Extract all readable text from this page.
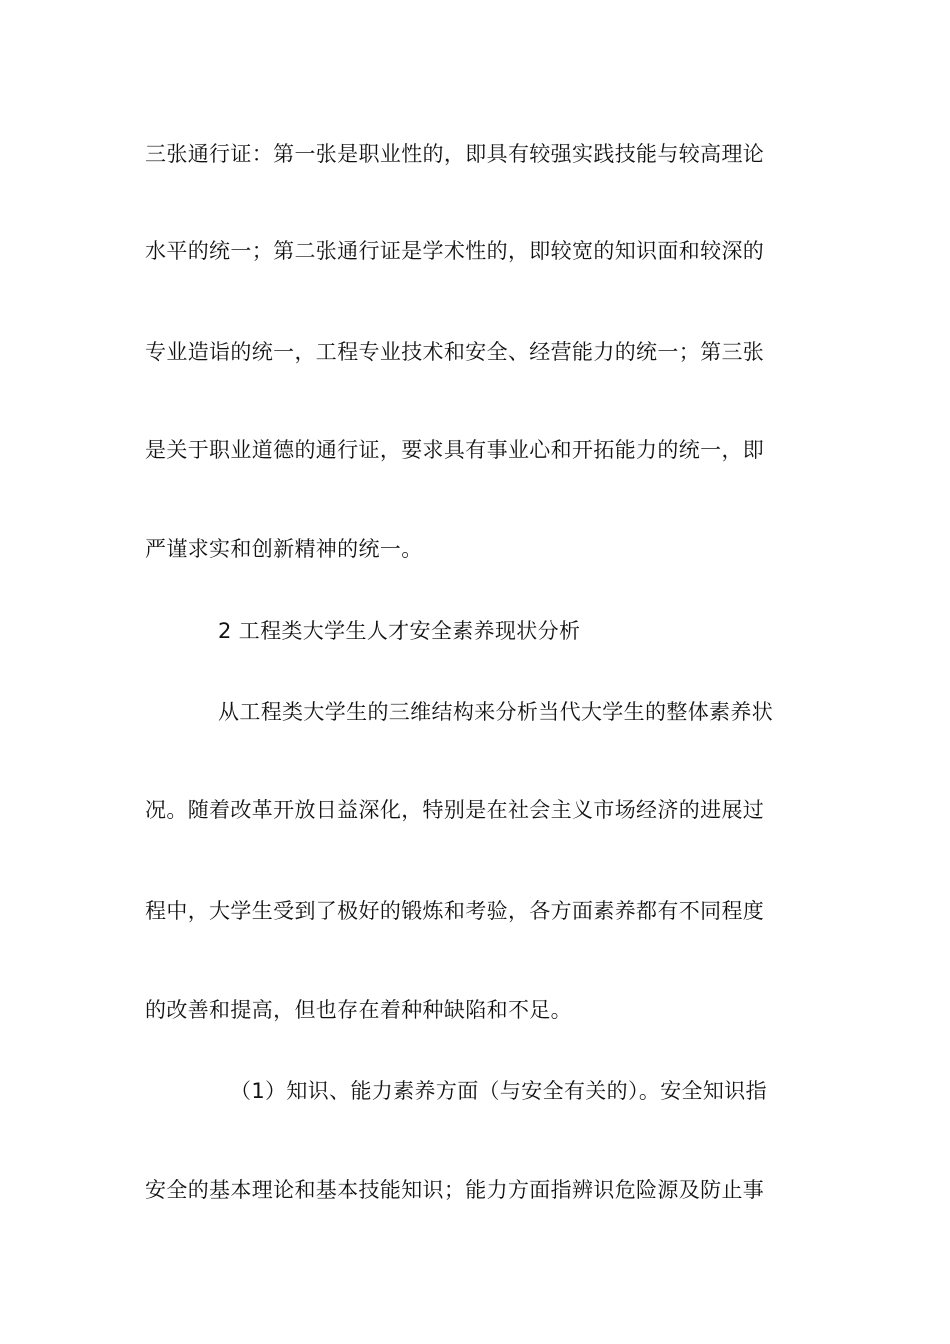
三张通行证：第一张是职业性的，即具有较强实践技能与较高理论
水平的统一；第二张通行证是学术性的，即较宽的知识面和较深的
专业造诣的统一，工程专业技术和安全、经营能力的统一；第三张
是关于职业道德的通行证，要求具有事业心和开拓能力的统一，即
严谨求实和创新精神的统一。
2 工程类大学生人才安全素养现状分析
从工程类大学生的三维结构来分析当代大学生的整体素养状
况。随着改革开放日益深化，特别是在社会主义市场经济的进展过
程中，大学生受到了极好的锻炼和考验，各方面素养都有不同程度
的改善和提高，但也存在着种种缺陷和不足。
（1）知识、能力素养方面（与安全有关的）。安全知识指
安全的基本理论和基本技能知识；能力方面指辨识危险源及防止事
